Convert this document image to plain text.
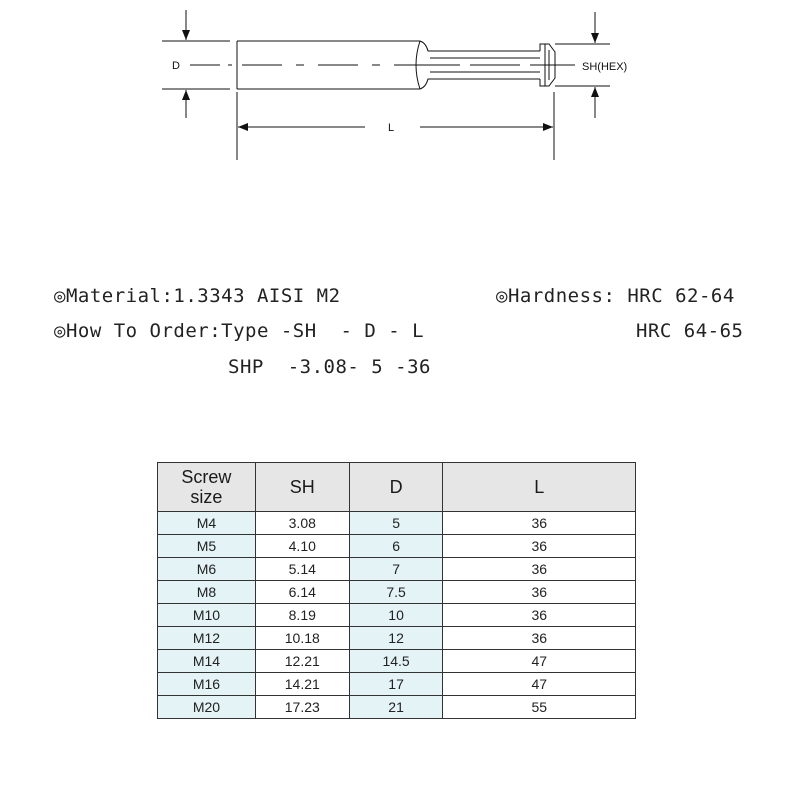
D	SH(HEX)
L
◎Material:1.3343 AISI M2	◎Hardness: HRC 62-64
◎How To Order:Type -SH  - D - L	HRC 64-65
SHP  -3.08- 5 -36
Screw
size	SH	D	L
M4	3.08	5	36
M5	4.10	6	36
M6	5.14	7	36
M8	6.14	7.5	36
M10	8.19	10	36
M12	10.18	12	36
M14	12.21	14.5	47
M16	14.21	17	47
M20	17.23	21	55
